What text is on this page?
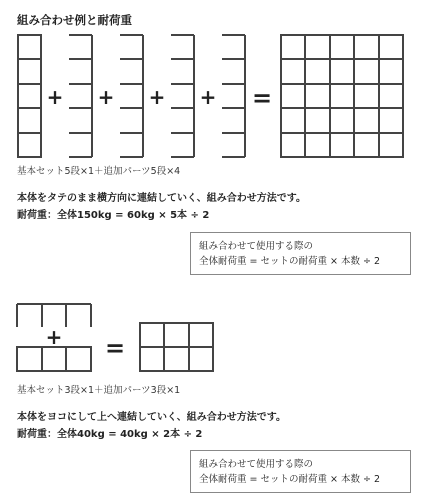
組み合わせ例と耐荷重
+ + + + =
基本セット5段×1＋追加パーツ5段×4
本体をタテのまま横方向に連結していく、組み合わせ方法です。
耐荷重：全体150kg = 60kg × 5本 ÷ 2
組み合わせて使用する際の
全体耐荷重 = セットの耐荷重 × 本数 ÷ 2
+ =
基本セット3段×1＋追加パーツ3段×1
本体をヨコにして上へ連結していく、組み合わせ方法です。
耐荷重：全体40kg = 40kg × 2本 ÷ 2
組み合わせて使用する際の
全体耐荷重 = セットの耐荷重 × 本数 ÷ 2
